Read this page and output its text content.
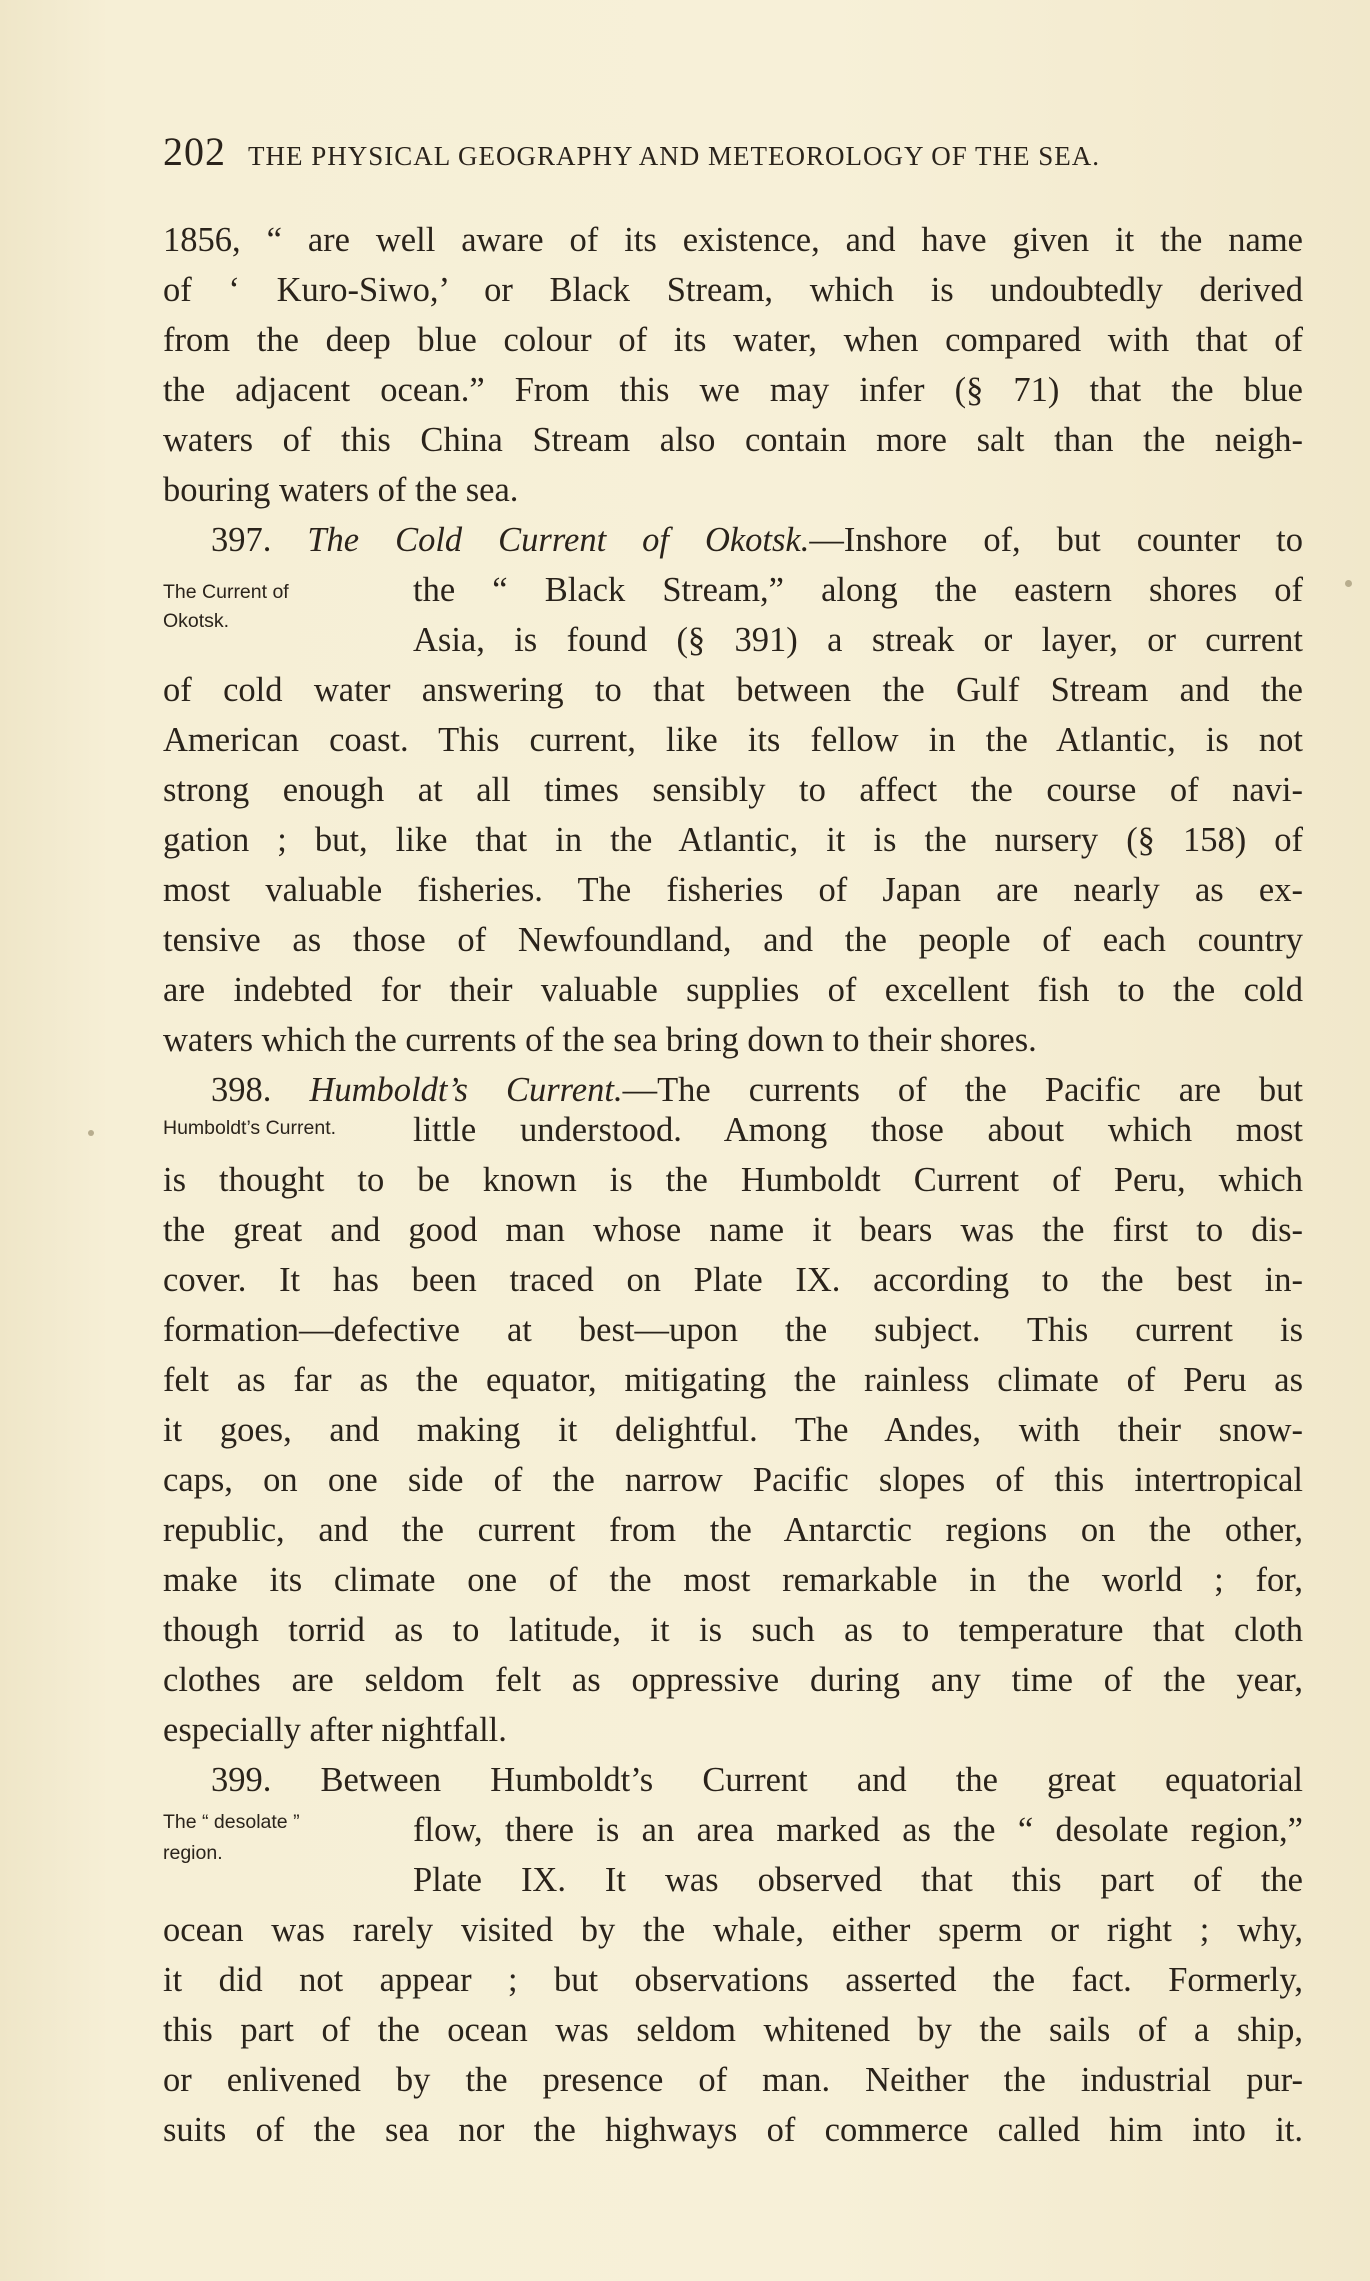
202 THE PHYSICAL GEOGRAPHY AND METEOROLOGY OF THE SEA.
1856, “ are well aware of its existence, and have given it the name
of ‘ Kuro-Siwo,’ or Black Stream, which is undoubtedly derived
from the deep blue colour of its water, when compared with that of
the adjacent ocean.” From this we may infer (§ 71) that the blue
waters of this China Stream also contain more salt than the neigh-
bouring waters of the sea.
397. The Cold Current of Okotsk.—Inshore of, but counter to
The Current of
Okotsk.
the “ Black Stream,” along the eastern shores of
Asia, is found (§ 391) a streak or layer, or current
of cold water answering to that between the Gulf Stream and the
American coast. This current, like its fellow in the Atlantic, is not
strong enough at all times sensibly to affect the course of navi-
gation ; but, like that in the Atlantic, it is the nursery (§ 158) of
most valuable fisheries. The fisheries of Japan are nearly as ex-
tensive as those of Newfoundland, and the people of each country
are indebted for their valuable supplies of excellent fish to the cold
waters which the currents of the sea bring down to their shores.
398. Humboldt’s Current.—The currents of the Pacific are but
Humboldt’s Current. little understood. Among those about which most
is thought to be known is the Humboldt Current of Peru, which
the great and good man whose name it bears was the first to dis-
cover. It has been traced on Plate IX. according to the best in-
formation—defective at best—upon the subject. This current is
felt as far as the equator, mitigating the rainless climate of Peru as
it goes, and making it delightful. The Andes, with their snow-
caps, on one side of the narrow Pacific slopes of this intertropical
republic, and the current from the Antarctic regions on the other,
make its climate one of the most remarkable in the world ; for,
though torrid as to latitude, it is such as to temperature that cloth
clothes are seldom felt as oppressive during any time of the year,
especially after nightfall.
399. Between Humboldt’s Current and the great equatorial
The “ desolate ”
region.
flow, there is an area marked as the “ desolate region,”
Plate IX. It was observed that this part of the
ocean was rarely visited by the whale, either sperm or right ; why,
it did not appear ; but observations asserted the fact. Formerly,
this part of the ocean was seldom whitened by the sails of a ship,
or enlivened by the presence of man. Neither the industrial pur-
suits of the sea nor the highways of commerce called him into it.
